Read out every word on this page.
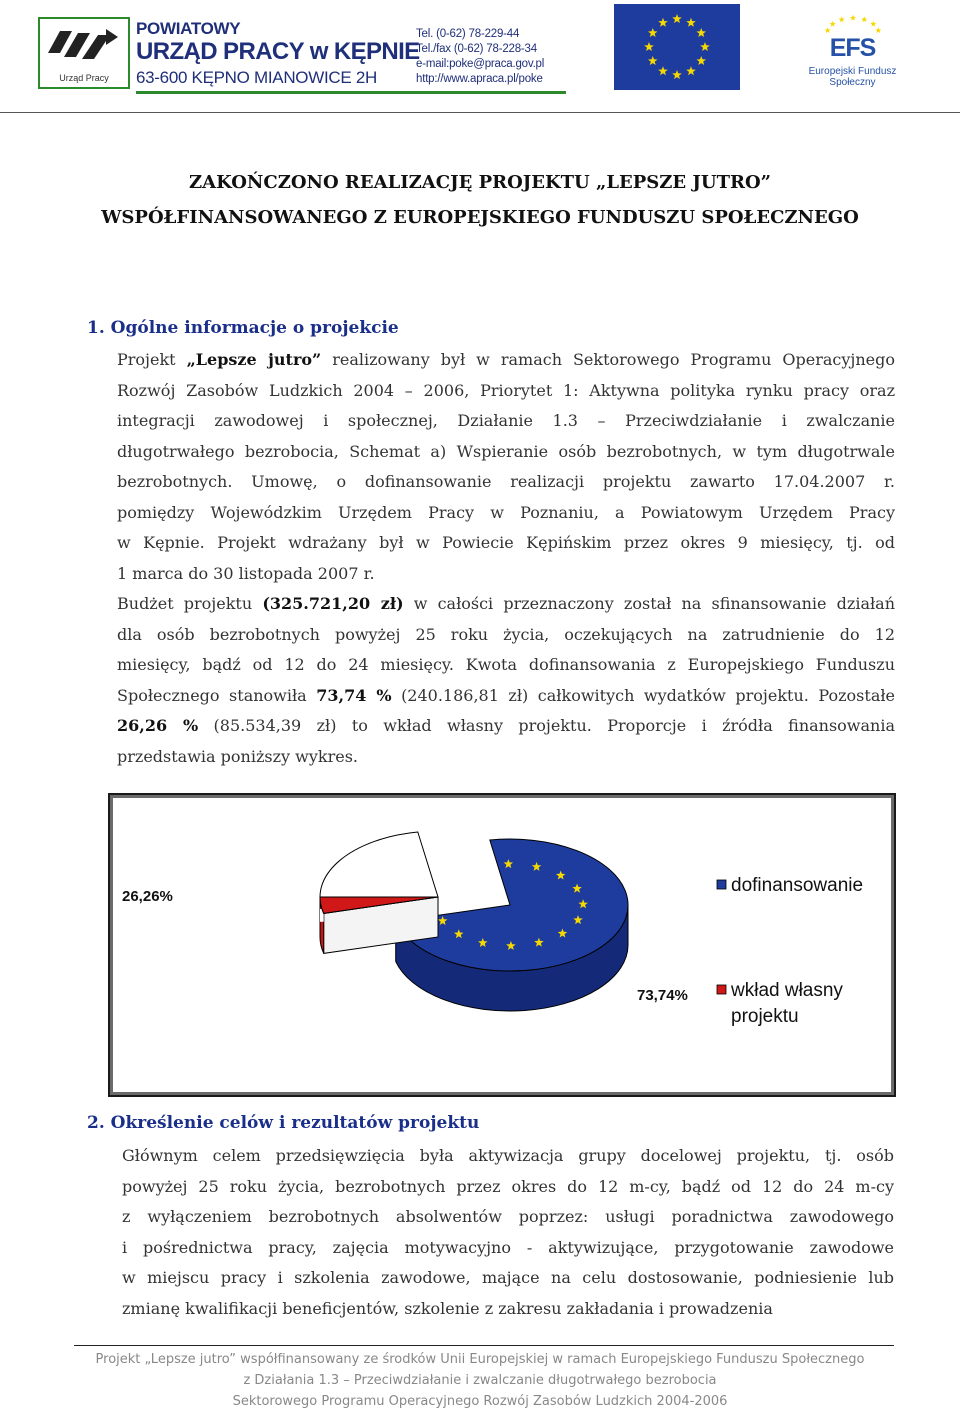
Urząd Pracy
POWIATOWY
URZĄD PRACY w KĘPNIE
63-600 KĘPNO MIANOWICE 2H
Tel. (0-62) 78-229-44
Tel./fax (0-62) 78-228-34
e-mail:poke@praca.gov.pl
http://www.apraca.pl/poke
EFS
Europejski Fundusz Społeczny
ZAKOŃCZONO REALIZACJĘ PROJEKTU „LEPSZE JUTRO”
WSPÓŁFINANSOWANEGO Z EUROPEJSKIEGO FUNDUSZU SPOŁECZNEGO
1. Ogólne informacje o projekcie
Projekt „Lepsze jutro” realizowany był w ramach Sektorowego Programu Operacyjnego
Rozwój Zasobów Ludzkich 2004 – 2006, Priorytet 1: Aktywna polityka rynku pracy oraz
integracji zawodowej i społecznej, Działanie 1.3 – Przeciwdziałanie i zwalczanie
długotrwałego bezrobocia, Schemat a) Wspieranie osób bezrobotnych, w tym długotrwale
bezrobotnych. Umowę, o dofinansowanie realizacji projektu zawarto 17.04.2007 r.
pomiędzy Wojewódzkim Urzędem Pracy w Poznaniu, a Powiatowym Urzędem Pracy
w Kępnie. Projekt wdrażany był w Powiecie Kępińskim przez okres 9 miesięcy, tj. od
1 marca do 30 listopada 2007 r.
Budżet projektu (325.721,20 zł) w całości przeznaczony został na sfinansowanie działań
dla osób bezrobotnych powyżej 25 roku życia, oczekujących na zatrudnienie do 12
miesięcy, bądź od 12 do 24 miesięcy. Kwota dofinansowania z Europejskiego Funduszu
Społecznego stanowiła 73,74 % (240.186,81 zł) całkowitych wydatków projektu. Pozostałe
26,26 % (85.534,39 zł) to wkład własny projektu. Proporcje i źródła finansowania
przedstawia poniższy wykres.
26,26%
73,74%
dofinansowanie
wkład własny
projektu
2. Określenie celów i rezultatów projektu
Głównym celem przedsięwzięcia była aktywizacja grupy docelowej projektu, tj. osób
powyżej 25 roku życia, bezrobotnych przez okres do 12 m-cy, bądź od 12 do 24 m-cy
z wyłączeniem bezrobotnych absolwentów poprzez: usługi poradnictwa zawodowego
i pośrednictwa pracy, zajęcia motywacyjno - aktywizujące, przygotowanie zawodowe
w miejscu pracy i szkolenia zawodowe, mające na celu dostosowanie, podniesienie lub
zmianę kwalifikacji beneficjentów, szkolenie z zakresu zakładania i prowadzenia
Projekt „Lepsze jutro” współfinansowany ze środków Unii Europejskiej w ramach Europejskiego Funduszu Społecznego
z Działania 1.3 – Przeciwdziałanie i zwalczanie długotrwałego bezrobocia
Sektorowego Programu Operacyjnego Rozwój Zasobów Ludzkich 2004-2006
